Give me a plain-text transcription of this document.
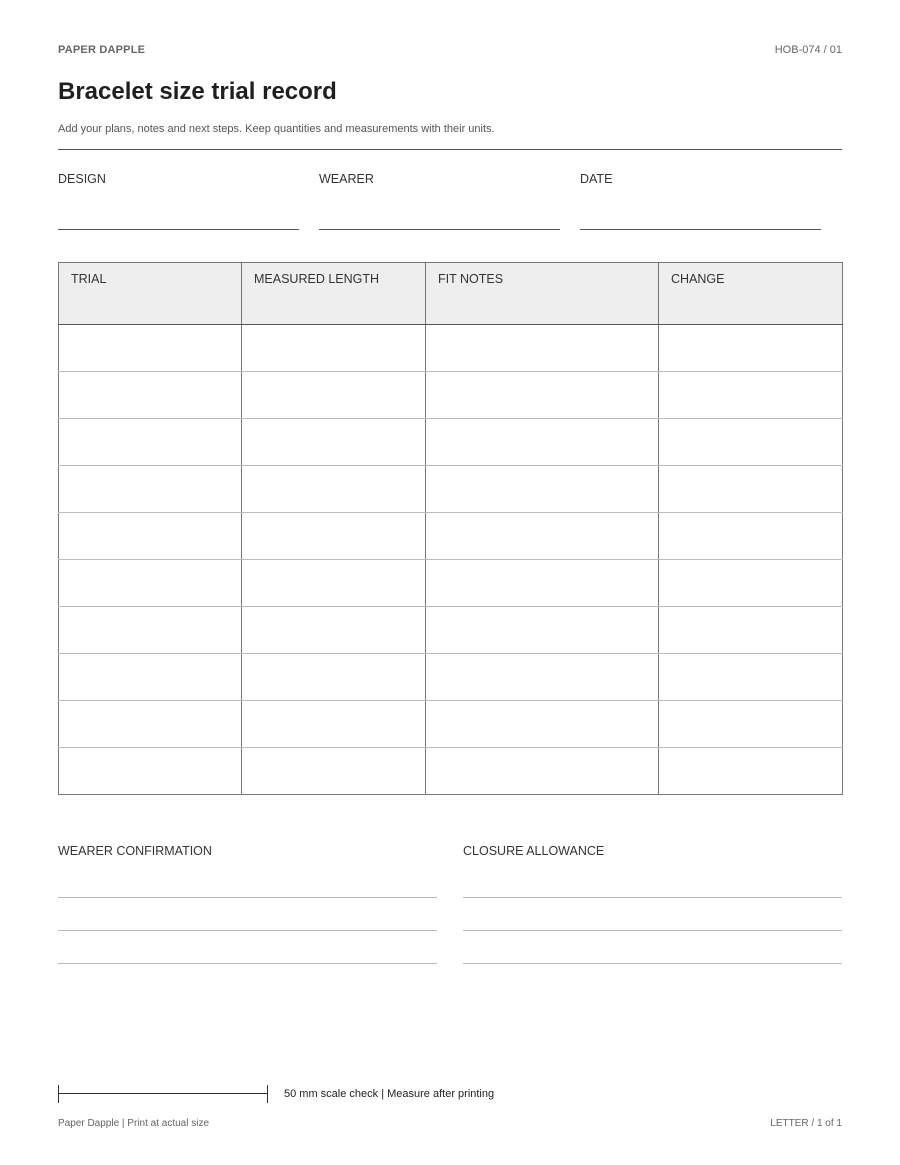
PAPER DAPPLE	HOB-074 / 01
Bracelet size trial record
Add your plans, notes and next steps. Keep quantities and measurements with their units.
DESIGN	WEARER	DATE
TRIAL	MEASURED LENGTH	FIT NOTES	CHANGE

WEARER CONFIRMATION	CLOSURE ALLOWANCE
50 mm scale check | Measure after printing
Paper Dapple | Print at actual size	LETTER / 1 of 1
